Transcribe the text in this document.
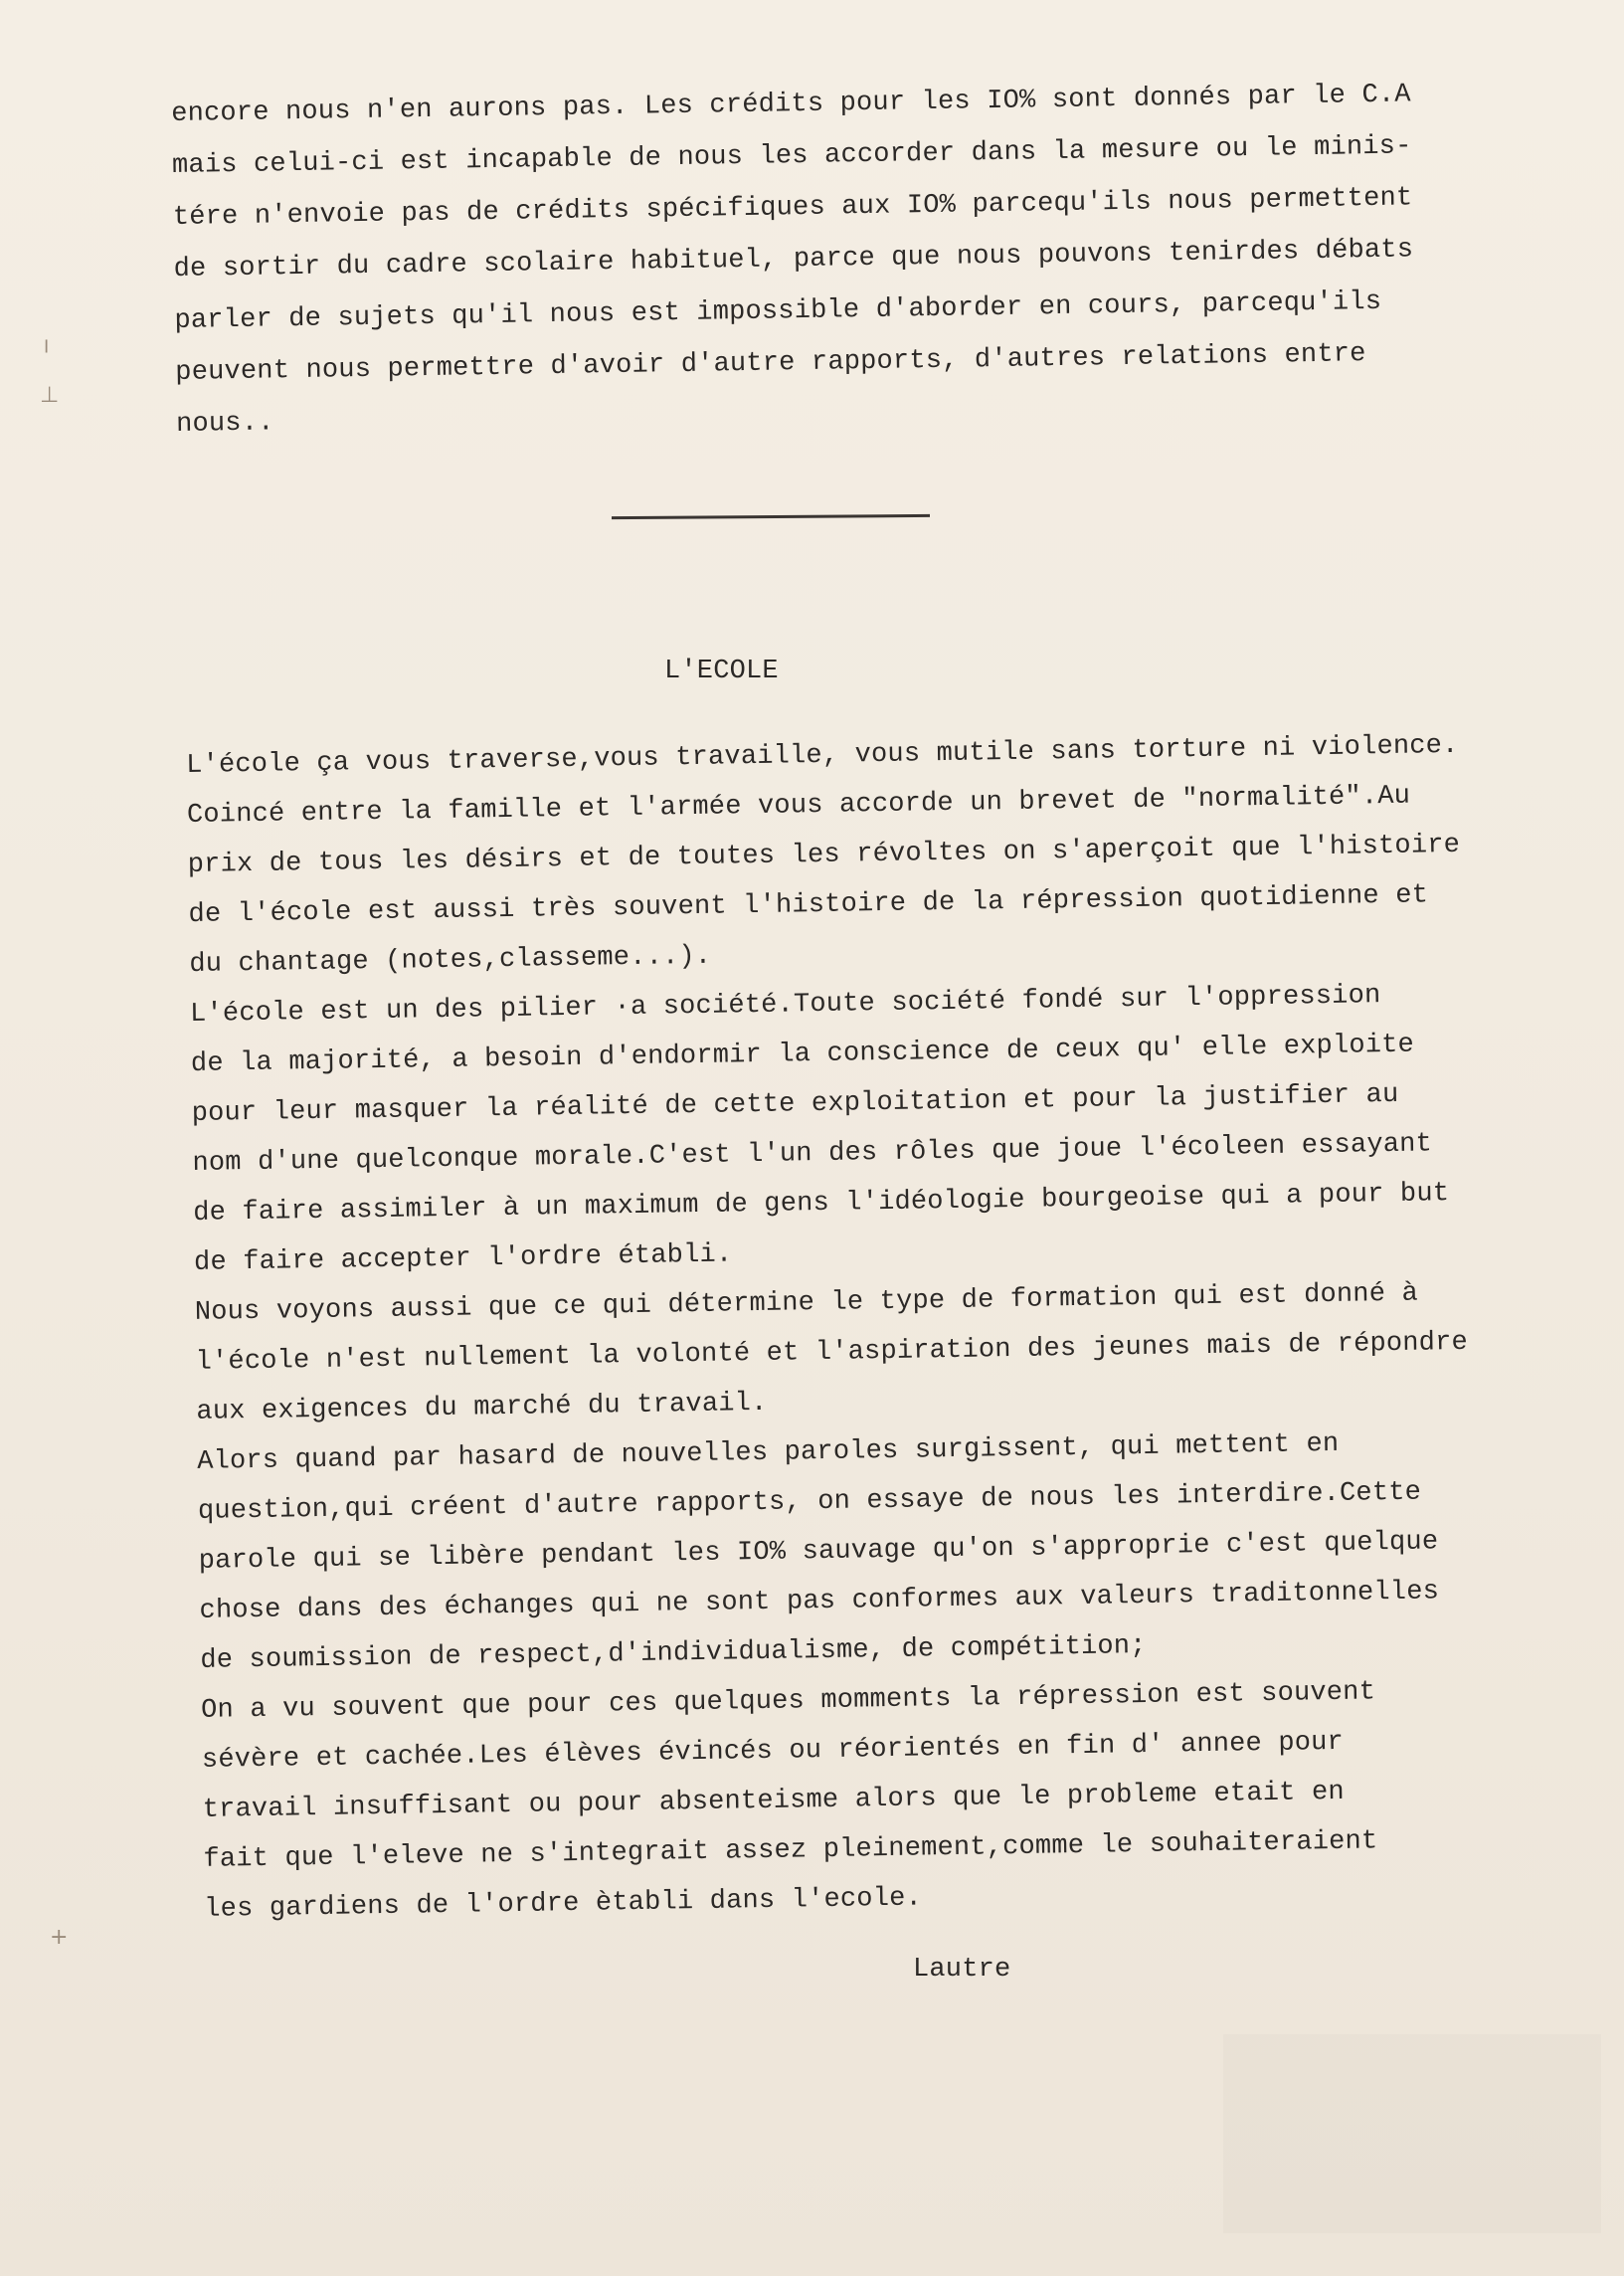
╷
⊥
+
encore nous n'en aurons pas. Les crédits pour les IO% sont donnés par le C.A
mais celui-ci est incapable de nous les accorder dans la mesure ou le minis-
tére n'envoie pas de crédits spécifiques aux IO% parcequ'ils nous permettent
de sortir du cadre scolaire habituel, parce que nous pouvons tenirdes débats
parler de sujets qu'il nous est impossible d'aborder en cours, parcequ'ils
peuvent nous permettre d'avoir d'autre rapports, d'autres relations entre
nous..
L'ECOLE
L'école ça vous traverse,vous travaille, vous mutile sans torture ni violence.
Coincé entre la famille et l'armée vous accorde un brevet de "normalité".Au
prix de tous les désirs et de toutes les révoltes on s'aperçoit que l'histoire
de l'école est aussi très souvent l'histoire de la répression quotidienne et
du chantage (notes,classeme...).
L'école est un des pilier ·a société.Toute société fondé sur l'oppression
de la majorité, a besoin d'endormir la conscience de ceux qu' elle exploite
pour leur masquer la réalité de cette exploitation et pour la justifier au
nom d'une quelconque morale.C'est l'un des rôles que joue l'écoleen essayant
de faire assimiler à un maximum de gens l'idéologie bourgeoise qui a pour but
de faire accepter l'ordre établi.
Nous voyons aussi que ce qui détermine le type de formation qui est donné à
l'école n'est nullement la volonté et l'aspiration des jeunes mais de répondre
aux exigences du marché du travail.
Alors quand par hasard de nouvelles paroles surgissent, qui mettent en
question,qui créent d'autre rapports, on essaye de nous les interdire.Cette
parole qui se libère pendant les IO% sauvage qu'on s'approprie c'est quelque
chose dans des échanges qui ne sont pas conformes aux valeurs traditonnelles
de soumission de respect,d'individualisme, de compétition;
On a vu souvent que pour ces quelques momments la répression est souvent
sévère et cachée.Les élèves évincés ou réorientés en fin d' annee pour
travail insuffisant ou pour absenteisme alors que le probleme etait en
fait que l'eleve ne s'integrait assez pleinement,comme le souhaiteraient
les gardiens de l'ordre ètabli dans l'ecole.
Lautre
